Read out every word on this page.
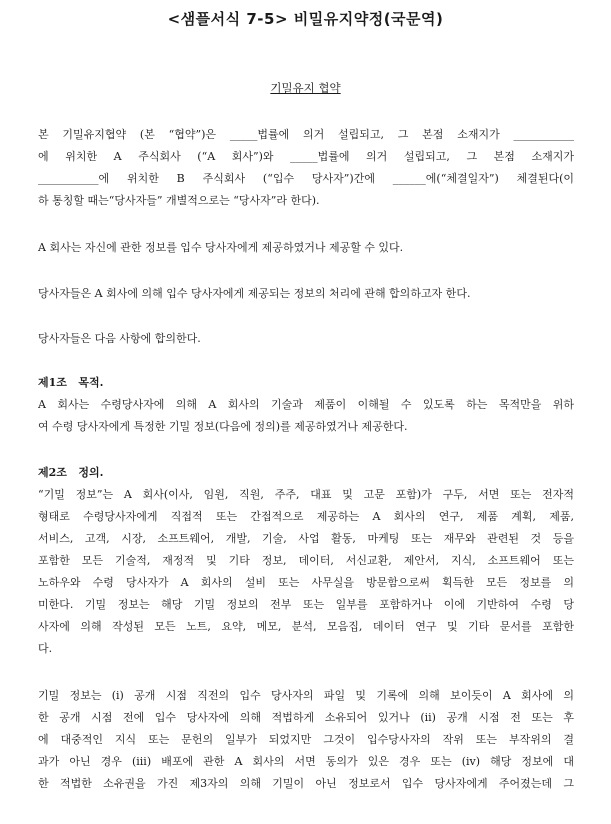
<샘플서식 7-5> 비밀유지약정(국문역)
기밀유지 협약
본 기밀유지협약 (본 “협약”)은 _____법률에 의거 설립되고, 그 본점 소재지가 ___________
에 위치한 A 주식회사 (“A 회사”)와 _____법률에 의거 설립되고, 그 본점 소재지가
___________에 위치한 B 주식회사 (“입수 당사자”)간에 ______에(“체결일자”) 체결된다(이
하 통칭할 때는“당사자들” 개별적으로는 “당사자”라 한다).
A 회사는 자신에 관한 정보를 입수 당사자에게 제공하였거나 제공할 수 있다.
당사자들은 A 회사에 의해 입수 당사자에게 제공되는 정보의 처리에 관해 합의하고자 한다.
당사자들은 다음 사항에 합의한다.
제1조   목적.
A 회사는 수령당사자에 의해 A 회사의 기술과 제품이 이해될 수 있도록 하는 목적만을 위하
여 수령 당사자에게 특정한 기밀 정보(다음에 정의)를 제공하였거나 제공한다.
제2조   정의.
“기밀 정보”는 A 회사(이사, 임원, 직원, 주주, 대표 및 고문 포함)가 구두, 서면 또는 전자적
형태로 수령당사자에게 직접적 또는 간접적으로 제공하는 A 회사의 연구, 제품 계획, 제품,
서비스, 고객, 시장, 소프트웨어, 개발, 기술, 사업 활동, 마케팅 또는 재무와 관련된 것 등을
포함한 모든 기술적, 재정적 및 기타 정보, 데이터, 서신교환, 제안서, 지식, 소프트웨어 또는
노하우와 수령 당사자가 A 회사의 설비 또는 사무실을 방문함으로써 획득한 모든 정보를 의
미한다. 기밀 정보는 해당 기밀 정보의 전부 또는 일부를 포함하거나 이에 기반하여 수령 당
사자에 의해 작성된 모든 노트, 요약, 메모, 분석, 모음집, 데이터 연구 및 기타 문서를 포함한
다.
기밀 정보는 (i) 공개 시점 직전의 입수 당사자의 파일 및 기록에 의해 보이듯이 A 회사에 의
한 공개 시점 전에 입수 당사자에 의해 적법하게 소유되어 있거나 (ii) 공개 시점 전 또는 후
에 대중적인 지식 또는 문헌의 일부가 되었지만 그것이 입수당사자의 작위 또는 부작위의 결
과가 아닌 경우 (iii) 배포에 관한 A 회사의 서면 동의가 있은 경우 또는 (iv) 해당 정보에 대
한 적법한 소유권을 가진 제3자의 의해 기밀이 아닌 정보로서 입수 당사자에게 주어졌는데 그
